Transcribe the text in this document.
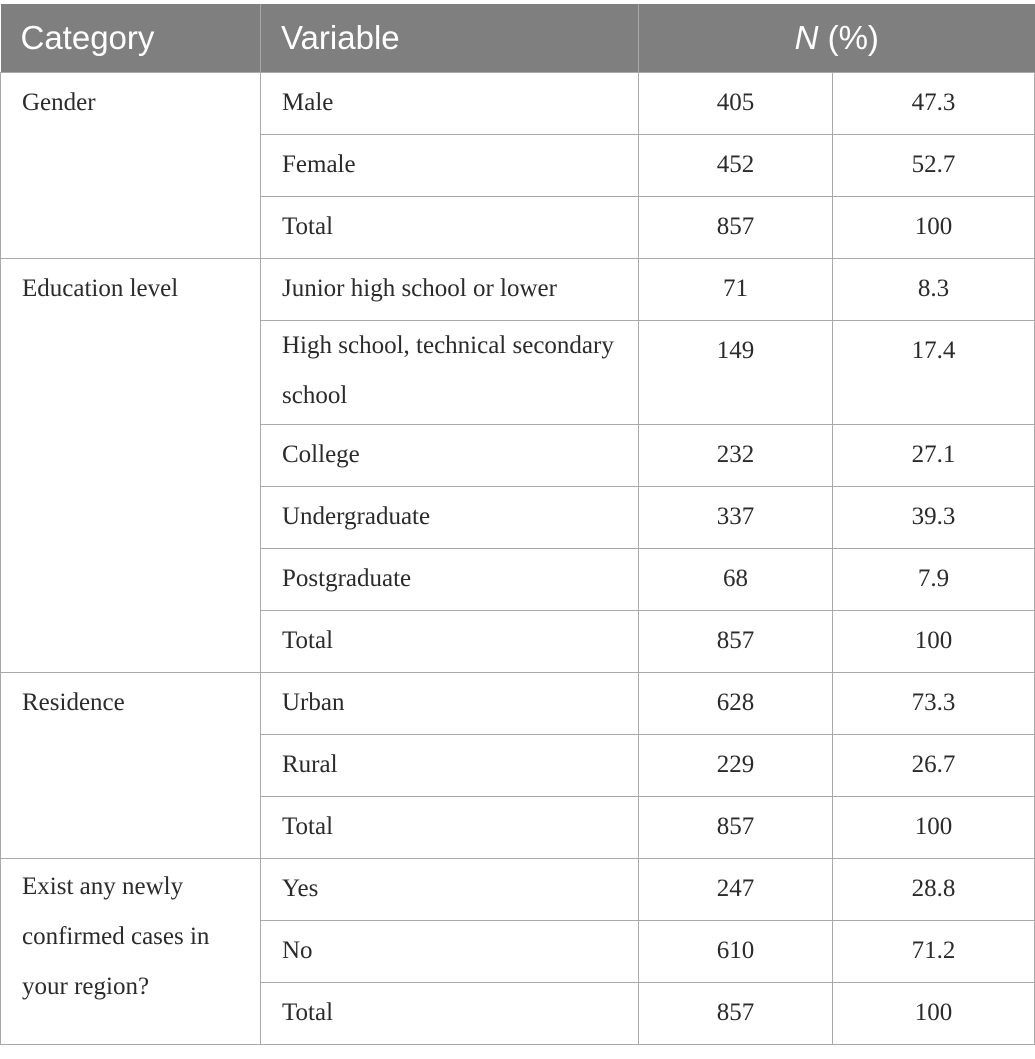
Category	Variable	N (%)	
Gender	Male	405	47.3
	Female	452	52.7
	Total	857	100
Education level	Junior high school or lower	71	8.3
	High school, technical secondary school	149	17.4
	College	232	27.1
	Undergraduate	337	39.3
	Postgraduate	68	7.9
	Total	857	100
Residence	Urban	628	73.3
	Rural	229	26.7
	Total	857	100
Exist any newly confirmed cases in your region?	Yes	247	28.8
	No	610	71.2
	Total	857	100
